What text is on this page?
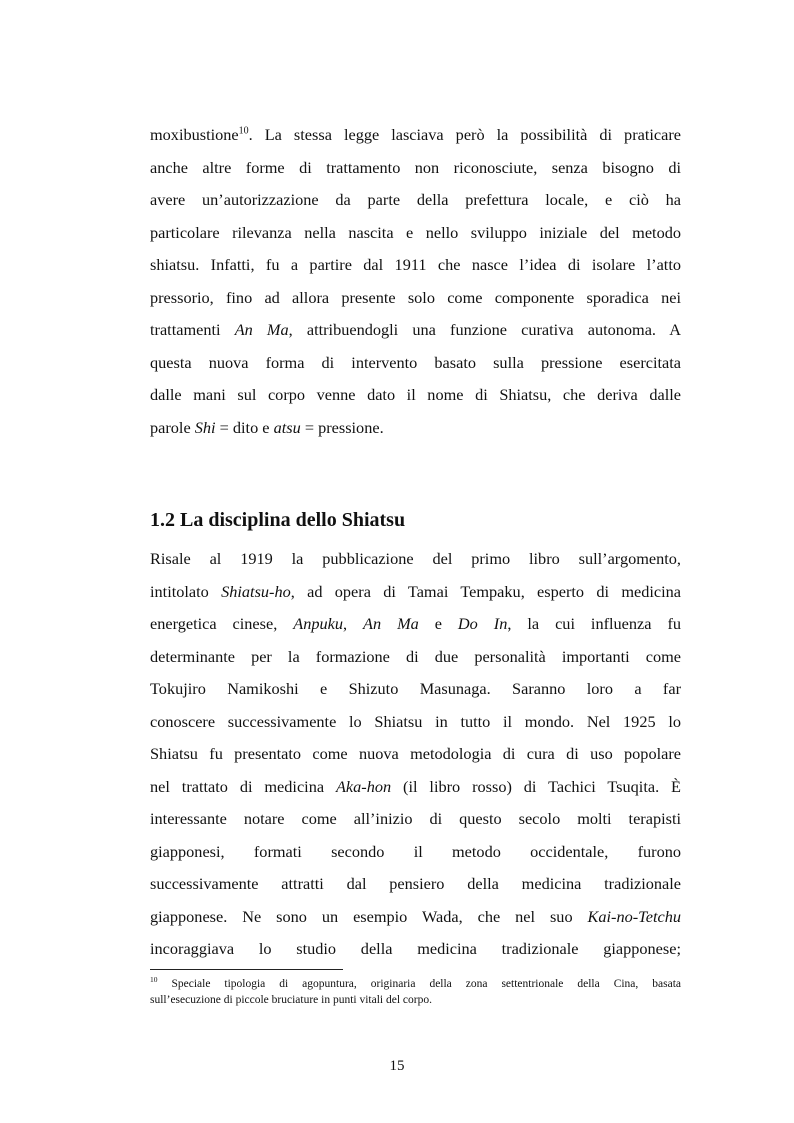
moxibustione$^{10}$. La stessa legge lasciava però la possibilità di praticare
anche altre forme di trattamento non riconosciute, senza bisogno di
avere un’autorizzazione da parte della prefettura locale, e ciò ha
particolare rilevanza nella nascita e nello sviluppo iniziale del metodo
shiatsu. Infatti, fu a partire dal 1911 che nasce l’idea di isolare l’atto
pressorio, fino ad allora presente solo come componente sporadica nei
trattamenti An Ma, attribuendogli una funzione curativa autonoma. A
questa nuova forma di intervento basato sulla pressione esercitata
dalle mani sul corpo venne dato il nome di Shiatsu, che deriva dalle
parole Shi = dito e atsu = pressione.
1.2 La disciplina dello Shiatsu
Risale al 1919 la pubblicazione del primo libro sull’argomento,
intitolato Shiatsu-ho, ad opera di Tamai Tempaku, esperto di medicina
energetica cinese, Anpuku, An Ma e Do In, la cui influenza fu
determinante per la formazione di due personalità importanti come
Tokujiro Namikoshi e Shizuto Masunaga. Saranno loro a far
conoscere successivamente lo Shiatsu in tutto il mondo. Nel 1925 lo
Shiatsu fu presentato come nuova metodologia di cura di uso popolare
nel trattato di medicina Aka-hon (il libro rosso) di Tachici Tsuqita. È
interessante notare come all’inizio di questo secolo molti terapisti
giapponesi, formati secondo il metodo occidentale, furono
successivamente attratti dal pensiero della medicina tradizionale
giapponese. Ne sono un esempio Wada, che nel suo Kai-no-Tetchu
incoraggiava lo studio della medicina tradizionale giapponese;
$^{10}$ Speciale tipologia di agopuntura, originaria della zona settentrionale della Cina, basata
sull’esecuzione di piccole bruciature in punti vitali del corpo.
15
